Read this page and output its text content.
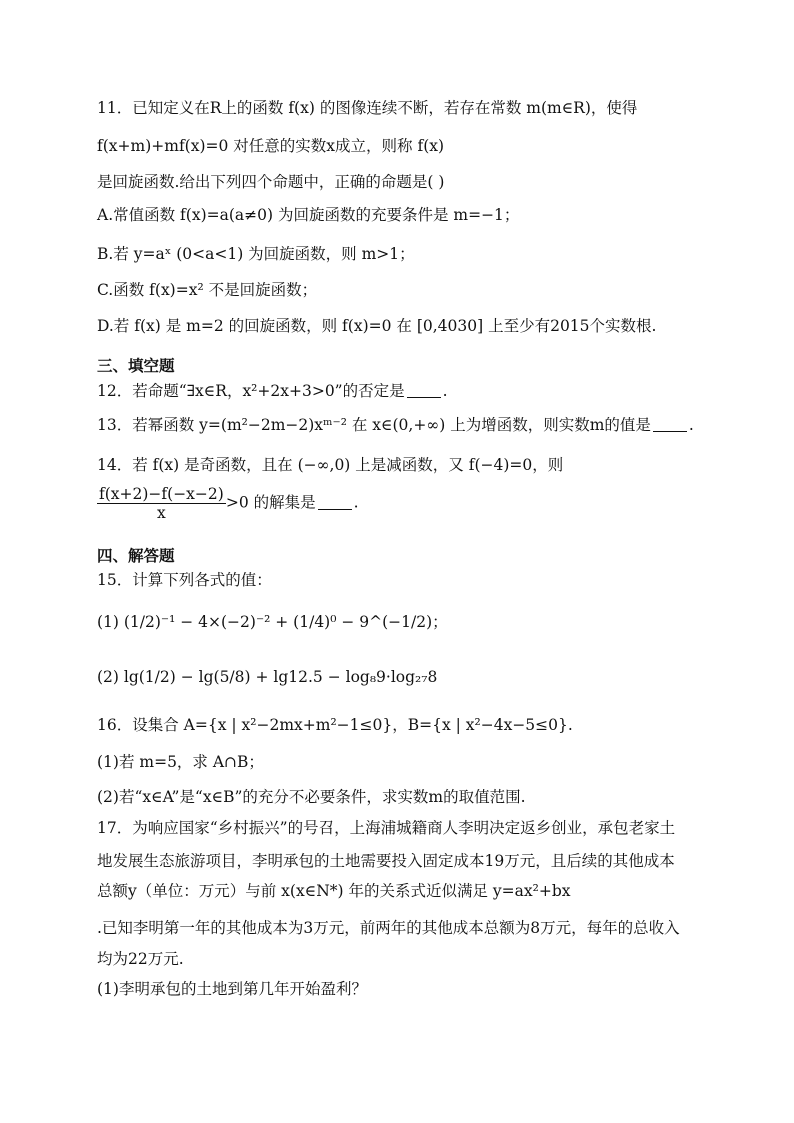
11．已知定义在R上的函数 f(x) 的图像连续不断，若存在常数 m(m∈R)，使得
f(x+m)+mf(x)=0 对任意的实数x成立，则称 f(x)
是回旋函数.给出下列四个命题中，正确的命题是( )
A.常值函数 f(x)=a(a≠0) 为回旋函数的充要条件是 m=−1；
B.若 y=aˣ (0<a<1) 为回旋函数，则 m>1；
C.函数 f(x)=x² 不是回旋函数；
D.若 f(x) 是 m=2 的回旋函数，则 f(x)=0 在 [0,4030] 上至少有2015个实数根.
三、填空题
12．若命题“∃x∈R，x²+2x+3>0”的否定是 .
13．若幂函数 y=(m²−2m−2)xᵐ⁻² 在 x∈(0,+∞) 上为增函数，则实数m的值是 .
14．若 f(x) 是奇函数，且在 (−∞,0) 上是减函数，又 f(−4)=0，则
$\frac{f(x+2)-f(-x-2)}{x} >0$ 的解集是 .
四、解答题
15．计算下列各式的值：
(1) (1/2)⁻¹ − 4×(−2)⁻² + (1/4)⁰ − 9^(−1/2)；
(2) lg(1/2) − lg(5/8) + lg12.5 − log₈9·log₂₇8
16．设集合 A={x | x²−2mx+m²−1≤0}，B={x | x²−4x−5≤0}.
(1)若 m=5，求 A∩B；
(2)若“x∈A”是“x∈B”的充分不必要条件，求实数m的取值范围.
17．为响应国家“乡村振兴”的号召，上海浦城籍商人李明决定返乡创业，承包老家土
地发展生态旅游项目，李明承包的土地需要投入固定成本19万元，且后续的其他成本
总额y（单位：万元）与前 x(x∈N*) 年的关系式近似满足 y=ax²+bx
.已知李明第一年的其他成本为3万元，前两年的其他成本总额为8万元，每年的总收入
均为22万元.
(1)李明承包的土地到第几年开始盈利？
